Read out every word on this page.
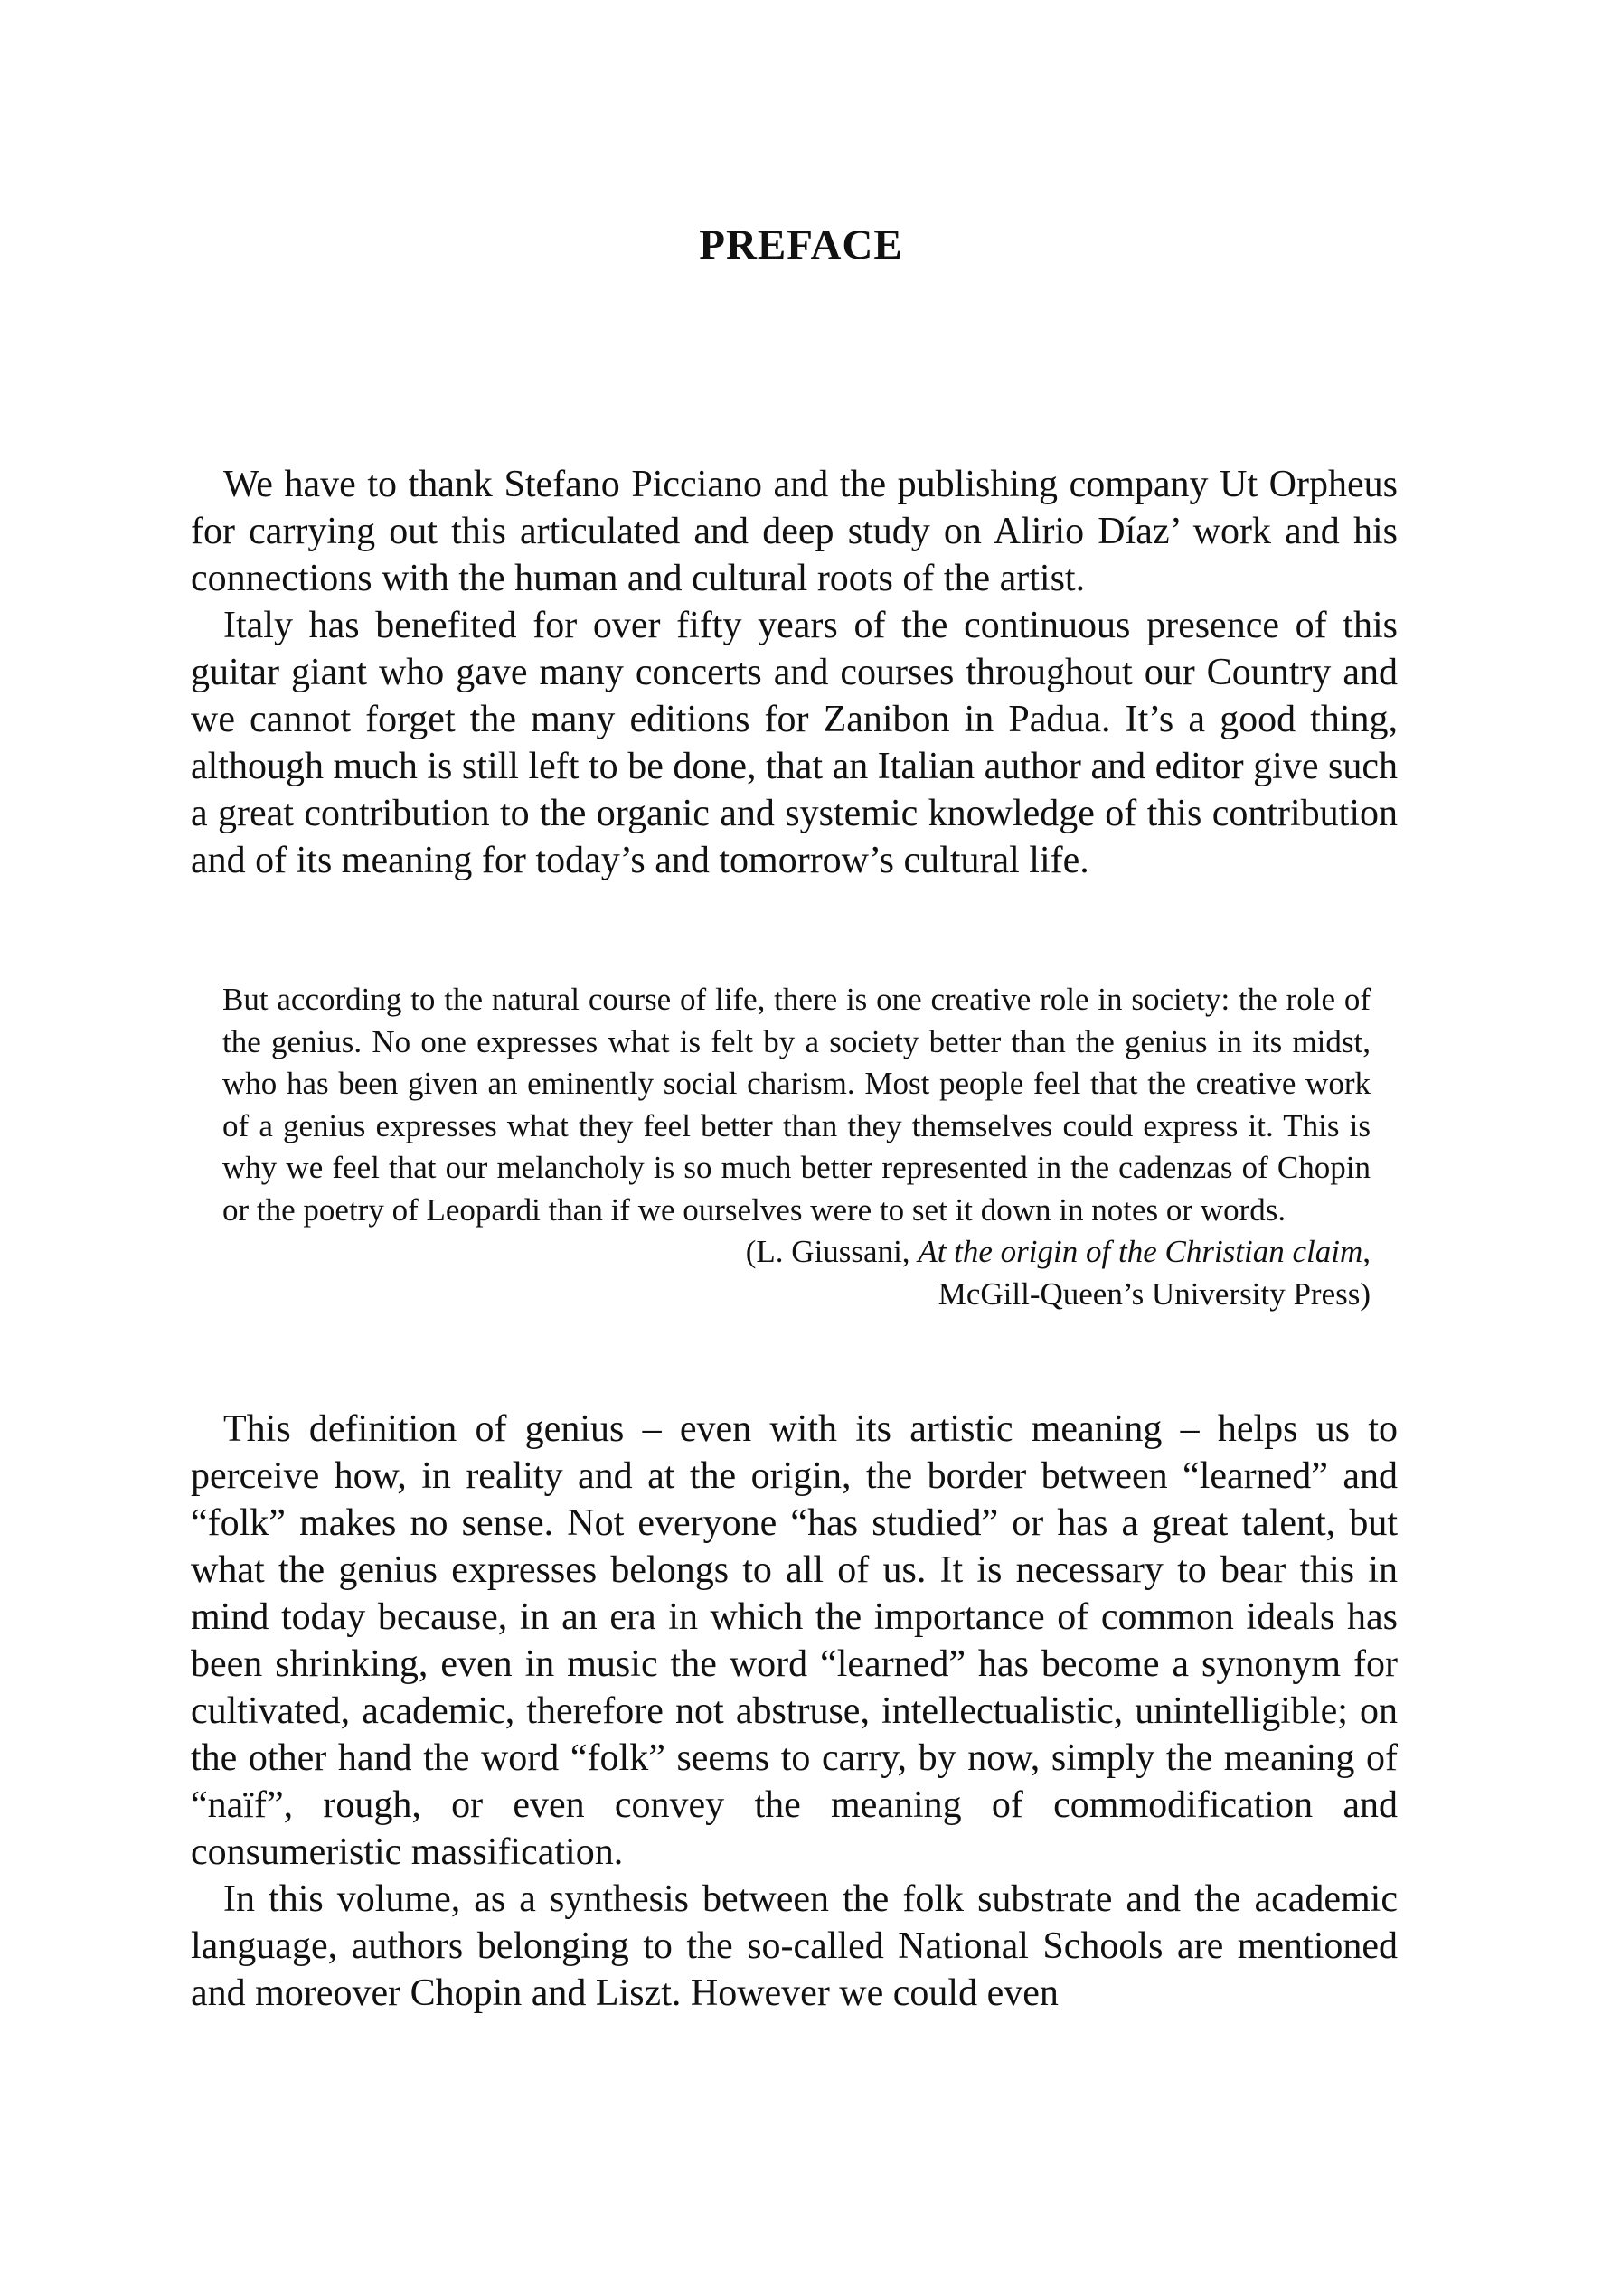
PREFACE

We have to thank Stefano Picciano and the publishing company Ut Orpheus for carrying out this articulated and deep study on Alirio Díaz’ work and his connections with the human and cultural roots of the artist.

Italy has benefited for over fifty years of the continuous presence of this guitar giant who gave many concerts and courses throughout our Country and we cannot forget the many editions for Zanibon in Padua. It’s a good thing, although much is still left to be done, that an Italian author and editor give such a great contribution to the organic and systemic knowledge of this contribution and of its meaning for today’s and tomorrow’s cultural life.

But according to the natural course of life, there is one creative role in society: the role of the genius. No one expresses what is felt by a society better than the genius in its midst, who has been given an eminently social charism. Most people feel that the creative work of a genius expresses what they feel better than they themselves could express it. This is why we feel that our melancholy is so much better represented in the cadenzas of Chopin or the poetry of Leopardi than if we ourselves were to set it down in notes or words.

(L. Giussani, At the origin of the Christian claim,
McGill-Queen’s University Press)

This definition of genius – even with its artistic meaning – helps us to perceive how, in reality and at the origin, the border between “learned” and “folk” makes no sense. Not everyone “has studied” or has a great talent, but what the genius expresses belongs to all of us. It is necessary to bear this in mind today because, in an era in which the importance of common ideals has been shrinking, even in music the word “learned” has become a synonym for cultivated, academic, therefore not abstruse, intellectualistic, unintelligible; on the other hand the word “folk” seems to carry, by now, simply the meaning of “naïf”, rough, or even convey the meaning of commodification and consumeristic massification.

In this volume, as a synthesis between the folk substrate and the academic language, authors belonging to the so-called National Schools are mentioned and moreover Chopin and Liszt. However we could even
